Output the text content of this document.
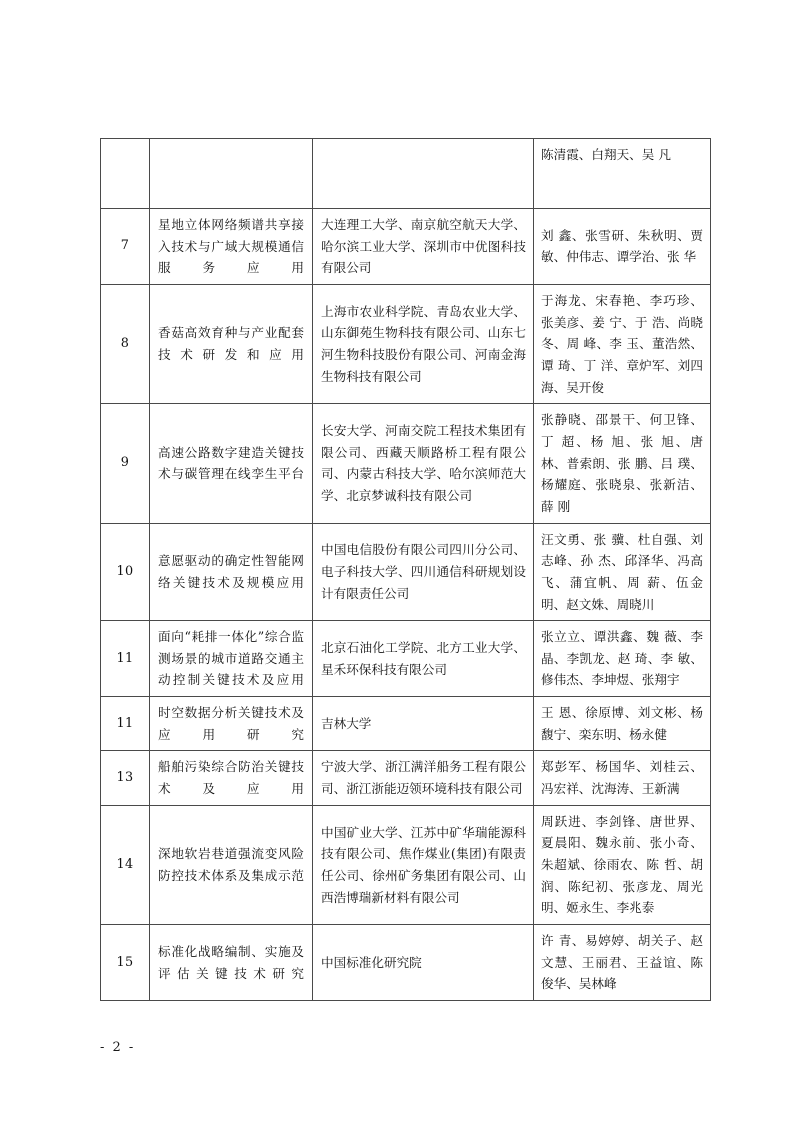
			陈清霞、白翔天、吴 凡
7	星地立体网络频谱共享接入技术与广域大规模通信服务应用	大连理工大学、南京航空航天大学、哈尔滨工业大学、深圳市中优图科技有限公司	刘 鑫、张雪研、朱秋明、贾 敏、仲伟志、谭学治、张 华
8	香菇高效育种与产业配套技术研发和应用	上海市农业科学院、青岛农业大学、山东御苑生物科技有限公司、山东七河生物科技股份有限公司、河南金海生物科技有限公司	于海龙、宋春艳、李巧珍、张美彦、姜 宁、于 浩、尚晓冬、周 峰、李 玉、董浩然、谭 琦、丁 洋、章炉军、刘四海、吴开俊
9	高速公路数字建造关键技术与碳管理在线孪生平台	长安大学、河南交院工程技术集团有限公司、西藏天顺路桥工程有限公司、内蒙古科技大学、哈尔滨师范大学、北京梦诚科技有限公司	张静晓、邵景干、何卫锋、丁 超、杨 旭、张 旭、唐 林、普索朗、张 鹏、吕 璞、杨耀庭、张晓泉、张新洁、薛 刚
10	意愿驱动的确定性智能网络关键技术及规模应用	中国电信股份有限公司四川分公司、电子科技大学、四川通信科研规划设计有限责任公司	汪文勇、张 骥、杜自强、刘志峰、孙 杰、邱泽华、冯高飞、蒲宜帆、周 薪、伍金明、赵文姝、周晓川
11	面向“耗排一体化”综合监测场景的城市道路交通主动控制关键技术及应用	北京石油化工学院、北方工业大学、星禾环保科技有限公司	张立立、谭洪鑫、魏 薇、李 晶、李凯龙、赵 琦、李 敏、修伟杰、李坤煜、张翔宇
11	时空数据分析关键技术及应用研究	吉林大学	王 恩、徐原博、刘文彬、杨馥宁、栾东明、杨永健
13	船舶污染综合防治关键技术及应用	宁波大学、浙江满洋船务工程有限公司、浙江浙能迈领环境科技有限公司	郑彭军、杨国华、刘桂云、冯宏祥、沈海涛、王新满
14	深地软岩巷道强流变风险防控技术体系及集成示范	中国矿业大学、江苏中矿华瑞能源科技有限公司、焦作煤业(集团)有限责任公司、徐州矿务集团有限公司、山西浩博瑞新材料有限公司	周跃进、李剑锋、唐世界、夏晨阳、魏永前、张小奇、朱超斌、徐雨农、陈 哲、胡 润、陈纪初、张彦龙、周光明、姬永生、李兆泰
15	标准化战略编制、实施及评估关键技术研究	中国标准化研究院	许 青、易婷婷、胡关子、赵文慧、王丽君、王益谊、陈俊华、吴林峰
- 2 -
